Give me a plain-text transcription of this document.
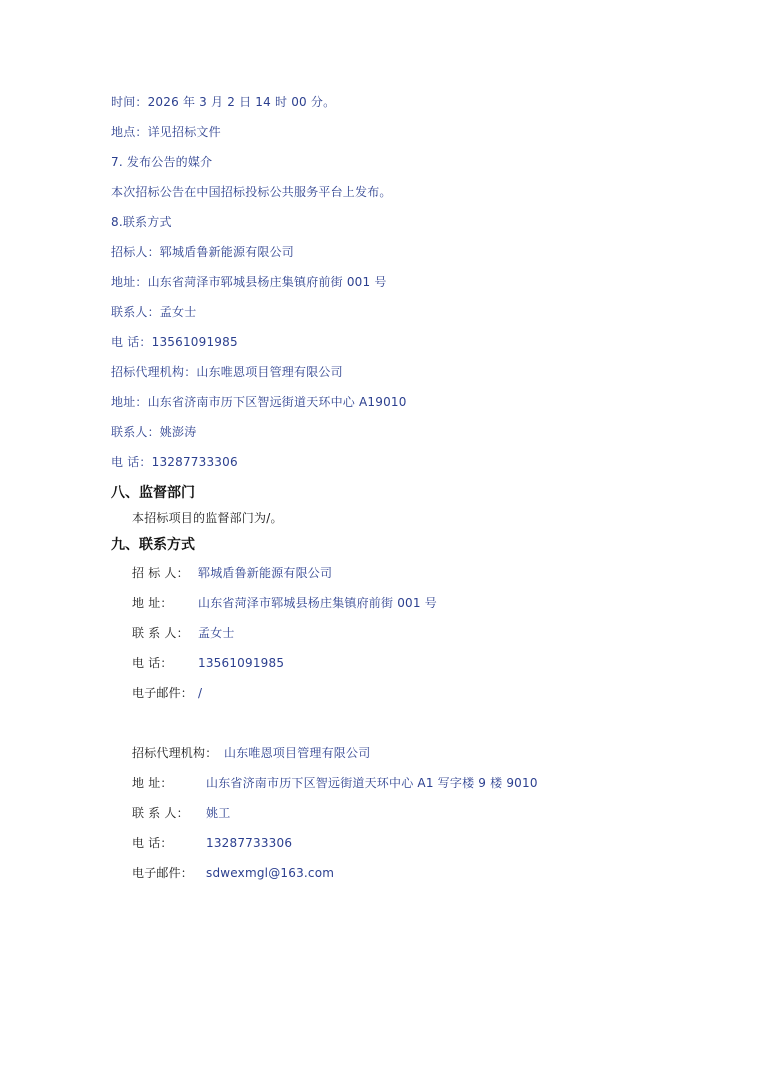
时间：2026 年 3 月 2 日 14 时 00 分。
地点：详见招标文件
7. 发布公告的媒介
本次招标公告在中国招标投标公共服务平台上发布。
8.联系方式
招标人：郓城盾鲁新能源有限公司
地址：山东省菏泽市郓城县杨庄集镇府前街 001 号
联系人：孟女士
电 话：13561091985
招标代理机构：山东唯恩项目管理有限公司
地址：山东省济南市历下区智远街道天环中心 A19010
联系人：姚澎涛
电 话：13287733306
八、监督部门
本招标项目的监督部门为/。
九、联系方式
招 标 人： 郓城盾鲁新能源有限公司
地 址： 山东省菏泽市郓城县杨庄集镇府前街 001 号
联 系 人： 孟女士
电 话： 13561091985
电子邮件： /
招标代理机构： 山东唯恩项目管理有限公司
地 址：	山东省济南市历下区智远街道天环中心 A1 写字楼 9 楼 9010
联 系 人： 姚工
电 话：	13287733306
电子邮件： sdwexmgl@163.com
